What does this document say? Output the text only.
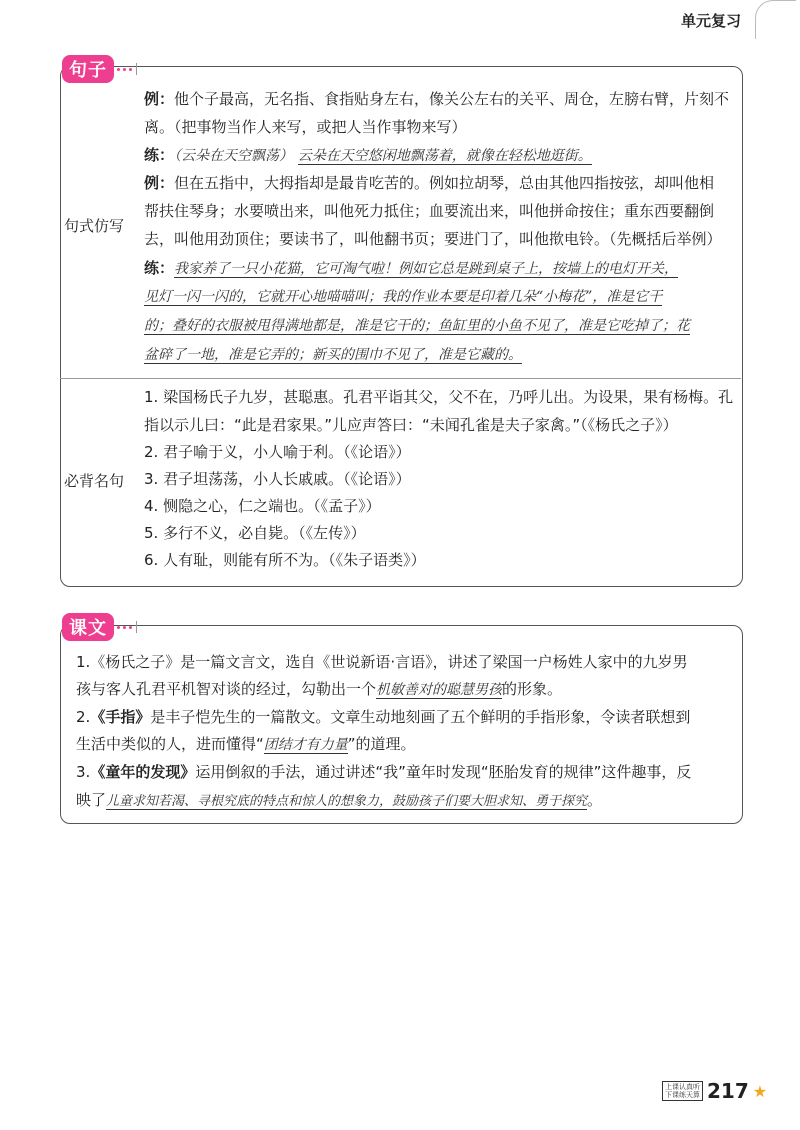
单元复习
句子
句式仿写
例：他个子最高，无名指、食指贴身左右，像关公左右的关平、周仓，左膀右臂，片刻不
离。（把事物当作人来写，或把人当作事物来写）
练：（云朵在天空飘荡） 云朵在天空悠闲地飘荡着，就像在轻松地逛街。
例：但在五指中，大拇指却是最肯吃苦的。例如拉胡琴，总由其他四指按弦，却叫他相
帮扶住琴身；水要喷出来，叫他死力抵住；血要流出来，叫他拼命按住；重东西要翻倒
去，叫他用劲顶住；要读书了，叫他翻书页；要进门了，叫他揿电铃。（先概括后举例）
练：我家养了一只小花猫，它可淘气啦！例如它总是跳到桌子上，按墙上的电灯开关，
见灯一闪一闪的，它就开心地喵喵叫；我的作业本要是印着几朵“小梅花”，准是它干
的；叠好的衣服被甩得满地都是，准是它干的；鱼缸里的小鱼不见了，准是它吃掉了；花
盆碎了一地，准是它弄的；新买的围巾不见了，准是它藏的。
必背名句
1. 梁国杨氏子九岁，甚聪惠。孔君平诣其父，父不在，乃呼儿出。为设果，果有杨梅。孔
指以示儿曰：“此是君家果。”儿应声答曰：“未闻孔雀是夫子家禽。”（《杨氏之子》）
2. 君子喻于义，小人喻于利。（《论语》）
3. 君子坦荡荡，小人长戚戚。（《论语》）
4. 恻隐之心，仁之端也。（《孟子》）
5. 多行不义，必自毙。（《左传》）
6. 人有耻，则能有所不为。（《朱子语类》）
课文
1.《杨氏之子》是一篇文言文，选自《世说新语·言语》，讲述了梁国一户杨姓人家中的九岁男
孩与客人孔君平机智对谈的经过，勾勒出一个机敏善对的聪慧男孩的形象。
2.《手指》是丰子恺先生的一篇散文。文章生动地刻画了五个鲜明的手指形象，令读者联想到
生活中类似的人，进而懂得“团结才有力量”的道理。
3.《童年的发现》运用倒叙的手法，通过讲述“我”童年时发现“胚胎发育的规律”这件趣事，反
映了儿童求知若渴、寻根究底的特点和惊人的想象力，鼓励孩子们要大胆求知、勇于探究。
上课认真听
下课练天算 217 ★
